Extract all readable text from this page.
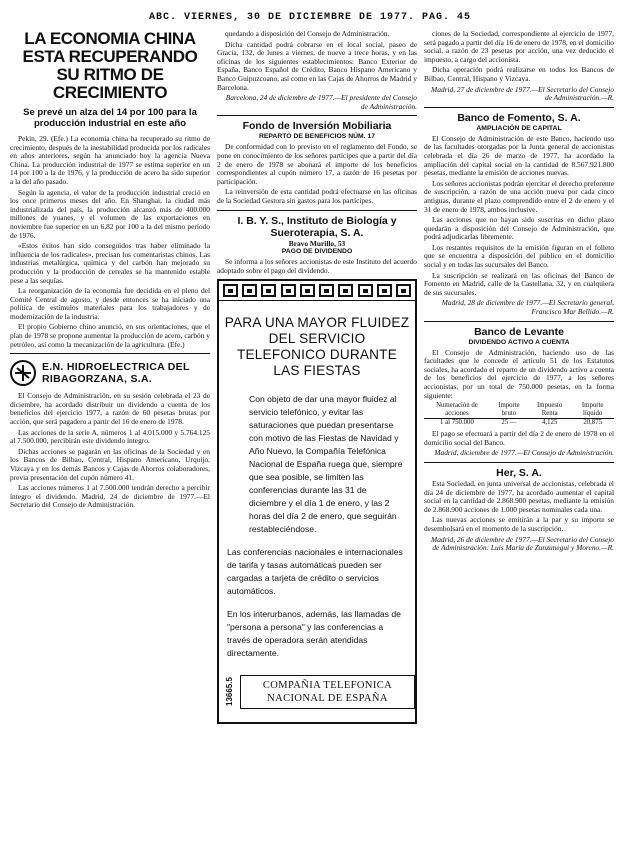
ABC. VIERNES, 30 DE DICIEMBRE DE 1977. PAG. 45
LA ECONOMIA CHINA ESTA RECUPERANDO SU RITMO DE CRECIMIENTO
Se prevé un alza del 14 por 100 para la producción industrial en este año

Pekín, 29. (Efe.) La economía china ha recuperado su ritmo de crecimiento, después de la inestabilidad producida por los radicales en años anteriores, según ha anunciado hoy la agencia Nueva China. La producción industrial de 1977 se estima superior en un 14 por 100 a la de 1976, y la producción de acero ha sido superior a la del año pasado.

Según la agencia, el valor de la producción industrial creció en los once primeros meses del año. En Shanghai, la ciudad más industrializada del país, la producción alcanzó más de 400.000 millones de yuanes, y el volumen de las exportaciones en noviembre fue superior en un 6,82 por 100 a la del mismo período de 1976.

«Estos éxitos han sido conseguidos tras haber eliminado la influencia de los radicales», precisan los comentaristas chinos. Las industrias metalúrgica, química y del carbón han mejorado su producción y la producción de cereales se ha mantenido estable pese a las sequías.

La reorganización de la economía fue decidida en el pleno del Comité Central de agosto, y desde entonces se ha iniciado una política de estímulos materiales para los trabajadores y de modernización de la industria.

El propio Gobierno chino anunció, en sus orientaciones, que el plan de 1978 se propone aumentar la producción de acero, carbón y petróleo, así como la mecanización de la agricultura. (Efe.)

E.N. HIDROELECTRICA DEL RIBAGORZANA, S.A.

El Consejo de Administración, en su sesión celebrada el 23 de diciembre, ha acordado distribuir un dividendo a cuenta de los beneficios del ejercicio 1977, a razón de 60 pesetas brutas por acción, que será pagadero a partir del 16 de enero de 1978.

Las acciones de la serie A, números 1 al 4.015.000 y 5.764.125 al 7.500.000, percibirán este dividendo íntegro.

Dichas acciones se pagarán en las oficinas de la Sociedad y en los Bancos de Bilbao, Central, Hispano Americano, Urquijo, Vizcaya y en los demás Bancos y Cajas de Ahorros colaboradores, previa presentación del cupón número 41.

Las acciones números 1 al 7.500.000 tendrán derecho a percibir íntegro el dividendo. Madrid, 24 de diciembre de 1977.—El Secretario del Consejo de Administración.

quedando a disposición del Consejo de Administración.

Dicha cantidad podrá cobrarse en el local social, paseo de Gracia, 132, de lunes a viernes, de nueve a trece horas, y en las oficinas de los siguientes establecimientos: Banco Exterior de España, Banco Español de Crédito, Banco Hispano Americano y Banco Guipuzcoano, así como en las Cajas de Ahorros de Madrid y Barcelona.

Barcelona, 24 de diciembre de 1977.—El presidente del Consejo de Administración.

Fondo de Inversión Mobiliaria
REPARTO DE BENEFICIOS NÚM. 17

De conformidad con lo previsto en el reglamento del Fondo, se pone en conocimiento de los señores partícipes que a partir del día 2 de enero de 1978 se abonará el importe de los beneficios correspondientes al cupón número 17, a razón de 16 pesetas por participación.

La reinversión de esta cantidad podrá efectuarse en las oficinas de la Sociedad Gestora sin gastos para los partícipes.

I. B. Y. S., Instituto de Biología y Sueroterapia, S. A.

Bravo Murillo, 53

PAGO DE DIVIDENDO

Se informa a los señores accionistas de este Instituto del acuerdo adoptado sobre el pago del dividendo.

PARA UNA MAYOR FLUIDEZ DEL SERVICIO TELEFONICO DURANTE LAS FIESTAS
Con objeto de dar una mayor fluidez al servicio telefónico, y evitar las saturaciones que puedan presentarse con motivo de las Fiestas de Navidad y Año Nuevo, la Compañía Telefónica Nacional de España ruega que, siempre que sea posible, se limiten las conferencias durante las 31 de diciembre y el día 1 de enero, y las 2 horas del día 2 de enero, que seguirán restableciéndose.
Las conferencias nacionales e internacionales de tarifa y tasas automáticas pueden ser cargadas a tarjeta de crédito o servicios automáticos.
En los interurbanos, además, las llamadas de "persona a persona" y las conferencias a través de operadora serán atendidas directamente.
13665.5	COMPAÑIA TELEFONICA NACIONAL DE ESPAÑA

ciones de la Sociedad, correspondiente al ejercicio de 1977, será pagado a partir del día 16 de enero de 1978, en el domicilio social, a razón de 23 pesetas por acción, una vez deducido el impuesto, a cargo del accionista.

Dicha operación podrá realizarse en todos los Bancos de Bilbao, Central, Hispano y Vizcaya.

Madrid, 27 de diciembre de 1977.—El Secretario del Consejo de Administración.—R.

Banco de Fomento, S. A.
AMPLIACIÓN DE CAPITAL

El Consejo de Administración de este Banco, haciendo uso de las facultades otorgadas por la Junta general de accionistas celebrada el día 26 de marzo de 1977, ha acordado la ampliación del capital social en la cantidad de 8.567.921.800 pesetas, mediante la emisión de acciones nuevas.

Los señores accionistas podrán ejercitar el derecho preferente de suscripción, a razón de una acción nueva por cada cinco antiguas, durante el plazo comprendido entre el 2 de enero y el 31 de enero de 1978, ambos inclusive.

Las acciones que no hayan sido suscritas en dicho plazo quedarán a disposición del Consejo de Administración, que podrá adjudicarlas libremente.

Los restantes requisitos de la emisión figuran en el folleto que se encuentra a disposición del público en el domicilio social y en todas las sucursales del Banco.

La suscripción se realizará en las oficinas del Banco de Fomento en Madrid, calle de la Castellana, 32, y en cualquiera de sus sucursales.

Madrid, 28 de diciembre de 1977.—El Secretario general, Francisco Mar Bellido.—R.

Banco de Levante
DIVIDENDO ACTIVO A CUENTA

El Consejo de Administración, haciendo uso de las facultades que le concede el artículo 51 de los Estatutos sociales, ha acordado el reparto de un dividendo activo a cuenta de los beneficios del ejercicio de 1977, a los señores accionistas, por un total de 750.000 pesetas, en la forma siguiente:

Numeración de acciones	Importe bruto	Impuesto Renta	Importe líquido
1 al 750.000	25 —	4,125	20,875

El pago se efectuará a partir del día 2 de enero de 1978 en el domicilio social del Banco.

Madrid, diciembre de 1977.—El Consejo de Administración.

Her, S. A.

Esta Sociedad, en junta universal de accionistas, celebrada el día 24 de diciembre de 1977, ha acordado aumentar el capital social en la cantidad de 2.868.900 pesetas, mediante la emisión de 2.868.900 acciones de 1.000 pesetas nominales cada una.

Las nuevas acciones se emitirán a la par y su importe se desembolsará en el momento de la suscripción.

Madrid, 26 de diciembre de 1977.—El Secretario del Consejo de Administración: Luis María de Zunzunegui y Moreno.—R.
